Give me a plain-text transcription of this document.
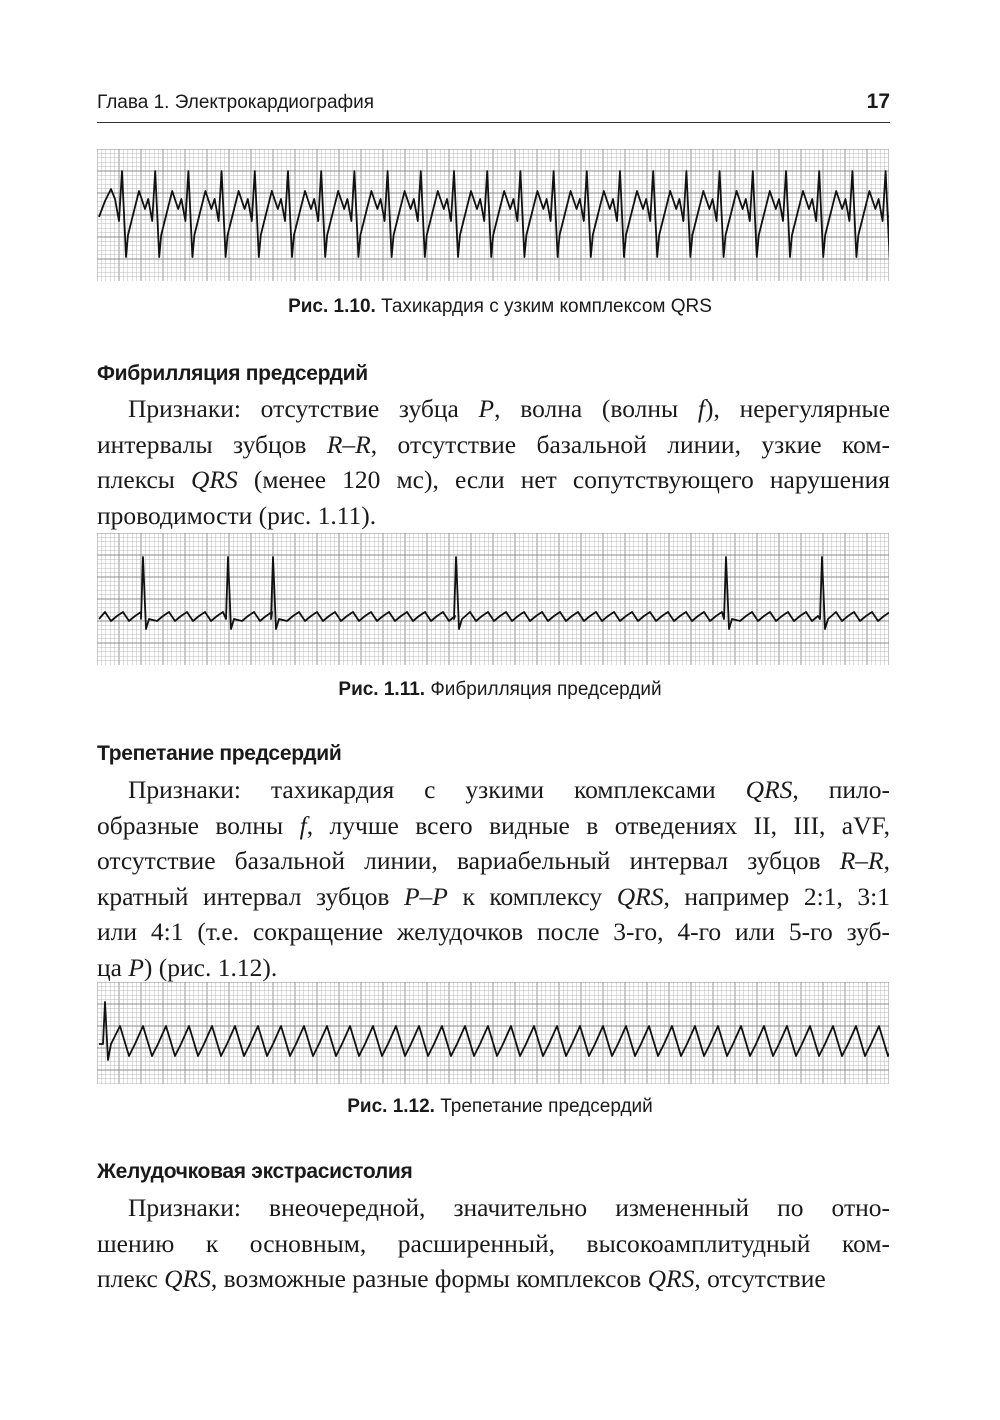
Глава 1. Электрокардиография	17
Рис. 1.10. Тахикардия с узким комплексом QRS
Фибрилляция предсердий
Признаки: отсутствие зубца P, волна (волны f), нерегулярные
интервалы зубцов R–R, отсутствие базальной линии, узкие ком-
плексы QRS (менее 120 мс), если нет сопутствующего нарушения
проводимости (рис. 1.11).
Рис. 1.11. Фибрилляция предсердий
Трепетание предсердий
Признаки: тахикардия с узкими комплексами QRS, пило-
образные волны f, лучше всего видные в отведениях II, III, aVF,
отсутствие базальной линии, вариабельный интервал зубцов R–R,
кратный интервал зубцов P–P к комплексу QRS, например 2:1, 3:1
или 4:1 (т.е. сокращение желудочков после 3-го, 4-го или 5-го зуб-
ца P) (рис. 1.12).
Рис. 1.12. Трепетание предсердий
Желудочковая экстрасистолия
Признаки: внеочередной, значительно измененный по отно-
шению к основным, расширенный, высокоамплитудный ком-
плекс QRS, возможные разные формы комплексов QRS, отсутствие
